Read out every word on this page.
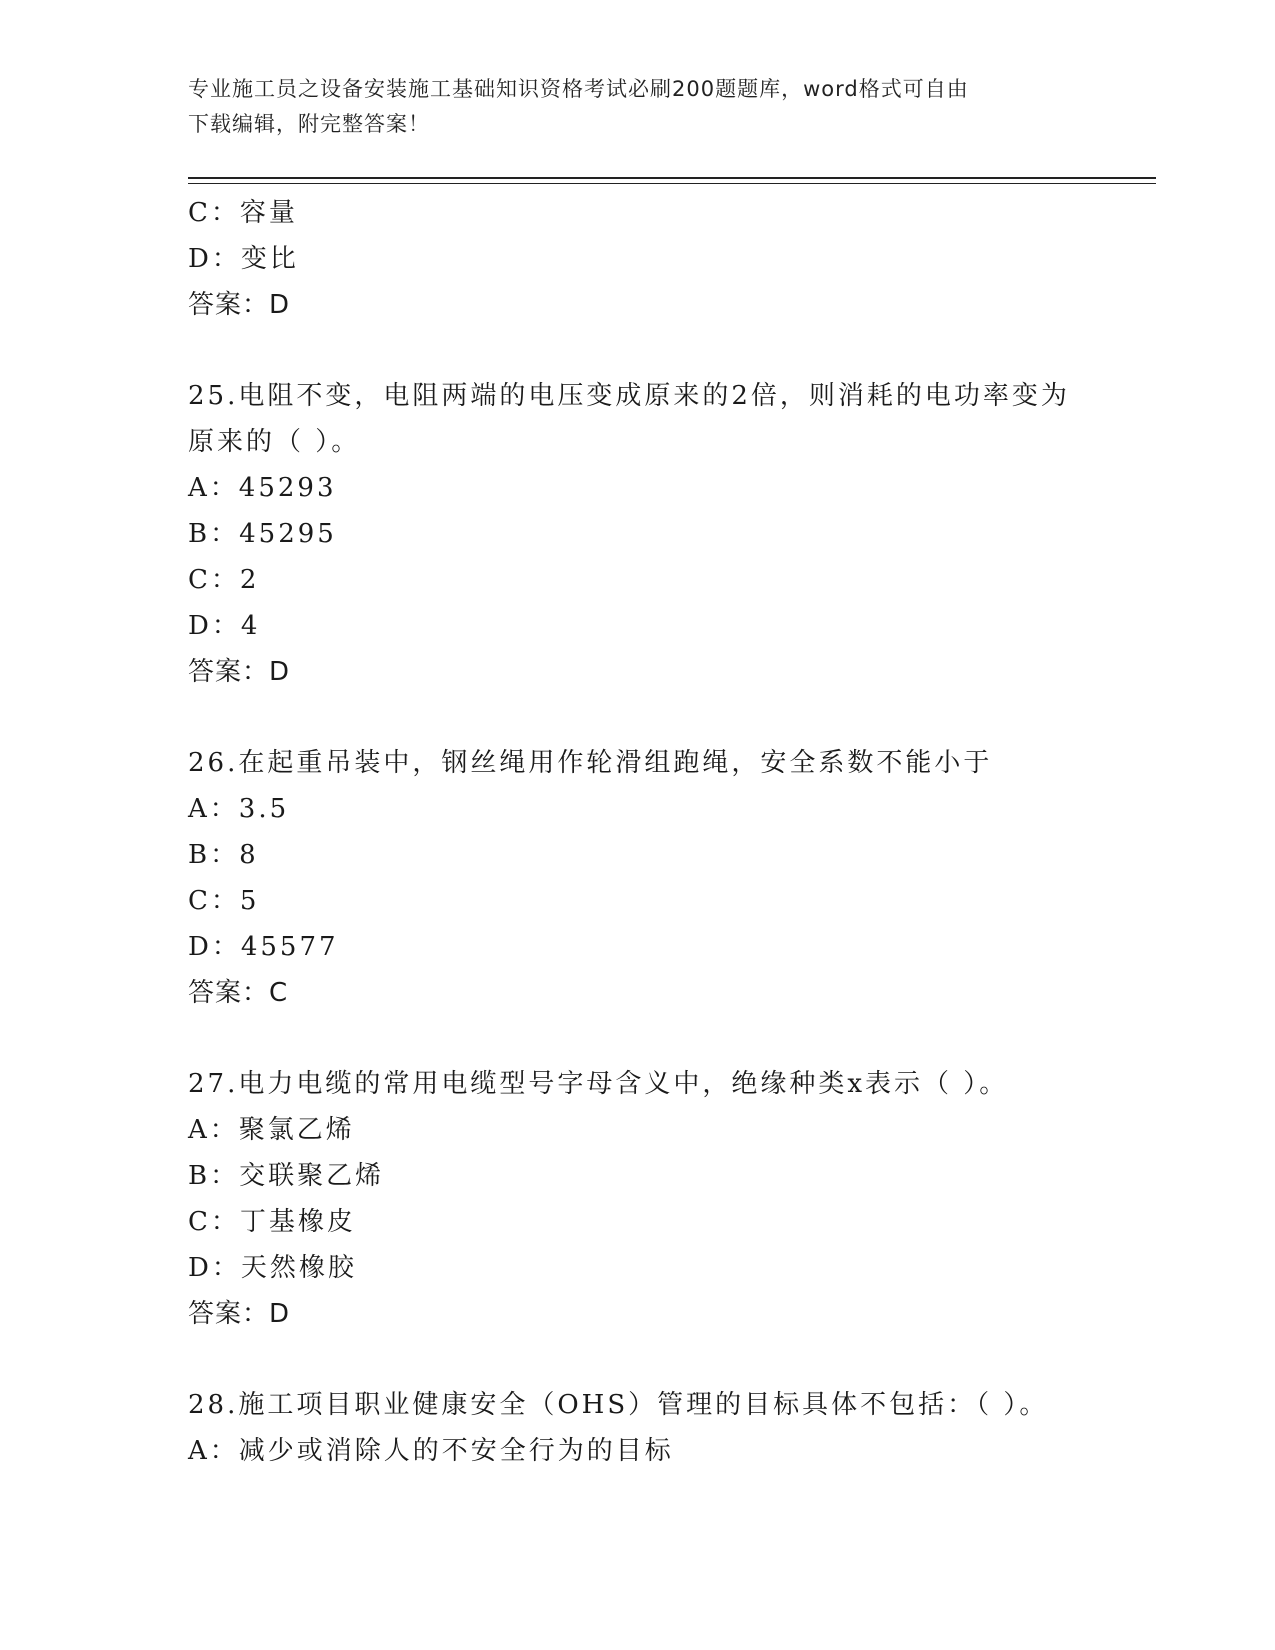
专业施工员之设备安装施工基础知识资格考试必刷200题题库，word格式可自由
下载编辑，附完整答案！
C：容量
D：变比
答案：D
25.电阻不变，电阻两端的电压变成原来的2倍，则消耗的电功率变为
原来的（ ）。
A：45293
B：45295
C：2
D：4
答案：D
26.在起重吊装中，钢丝绳用作轮滑组跑绳，安全系数不能小于
A：3.5
B：8
C：5
D：45577
答案：C
27.电力电缆的常用电缆型号字母含义中，绝缘种类x表示（ ）。
A：聚氯乙烯
B：交联聚乙烯
C：丁基橡皮
D：天然橡胶
答案：D
28.施工项目职业健康安全（OHS）管理的目标具体不包括：（ ）。
A：减少或消除人的不安全行为的目标
